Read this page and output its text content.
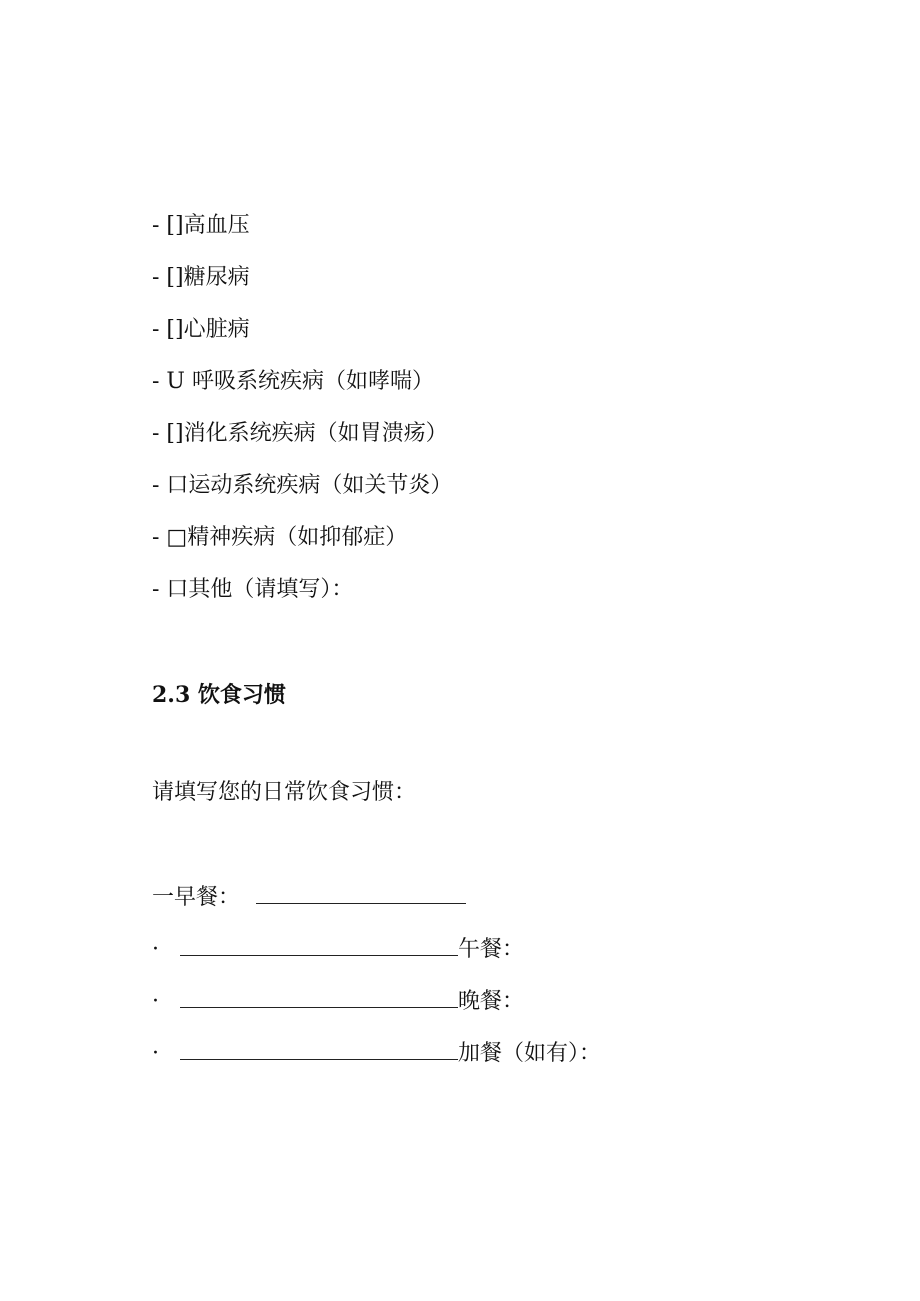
- []高血压
- []糖尿病
- []心脏病
- U 呼吸系统疾病（如哮喘）
- []消化系统疾病（如胃溃疡）
- 口运动系统疾病（如关节炎）
- □精神疾病（如抑郁症）
- 口其他（请填写）：
2.3 饮食习惯
请填写您的日常饮食习惯：
一早餐：
·	午餐：
·	晚餐：
·	加餐（如有）：
